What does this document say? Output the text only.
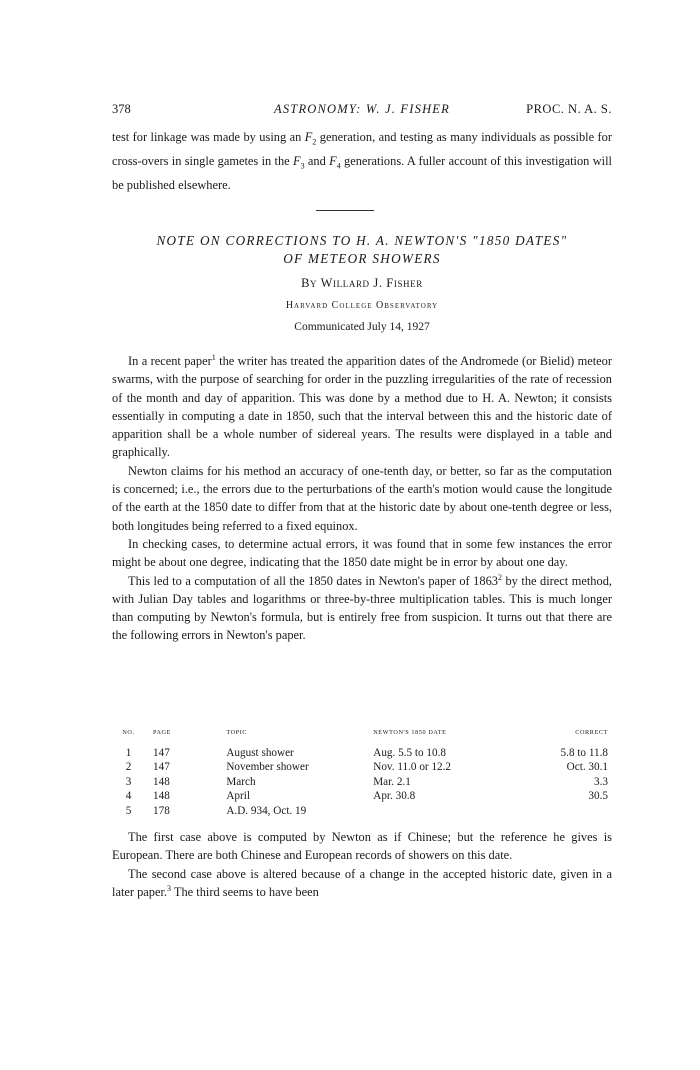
378	ASTRONOMY: W. J. FISHER	PROC. N. A. S.

test for linkage was made by using an $F_2$ generation, and testing as many individuals as possible for cross-overs in single gametes in the $F_3$ and $F_4$ generations. A fuller account of this investigation will be published elsewhere.

NOTE ON CORRECTIONS TO H. A. NEWTON'S "1850 DATES"
OF METEOR SHOWERS
By Willard J. Fisher
Harvard College Observatory
Communicated July 14, 1927

In a recent paper$^1$ the writer has treated the apparition dates of the Andromede (or Bielid) meteor swarms, with the purpose of searching for order in the puzzling irregularities of the rate of recession of the month and day of apparition. This was done by a method due to H. A. Newton; it consists essentially in computing a date in 1850, such that the interval between this and the historic date of apparition shall be a whole number of sidereal years. The results were displayed in a table and graphically.

Newton claims for his method an accuracy of one-tenth day, or better, so far as the computation is concerned; i.e., the errors due to the perturbations of the earth's motion would cause the longitude of the earth at the 1850 date to differ from that at the historic date by about one-tenth degree or less, both longitudes being referred to a fixed equinox.

In checking cases, to determine actual errors, it was found that in some few instances the error might be about one degree, indicating that the 1850 date might be in error by about one day.

This led to a computation of all the 1850 dates in Newton's paper of 1863$^2$ by the direct method, with Julian Day tables and logarithms or three-by-three multiplication tables. This is much longer than computing by Newton's formula, but is entirely free from suspicion. It turns out that there are the following errors in Newton's paper.

NO.	PAGE	TOPIC	NEWTON'S 1850 DATE	CORRECT
1	147	August shower	Aug. 5.5 to 10.8	5.8 to 11.8
2	147	November shower	Nov. 11.0 or 12.2	Oct. 30.1
3	148	March	Mar. 2.1	3.3
4	148	April	Apr. 30.8	30.5
5	178	A.D. 934, Oct. 19		

The first case above is computed by Newton as if Chinese; but the reference he gives is European. There are both Chinese and European records of showers on this date.

The second case above is altered because of a change in the accepted historic date, given in a later paper.$^3$ The third seems to have been
